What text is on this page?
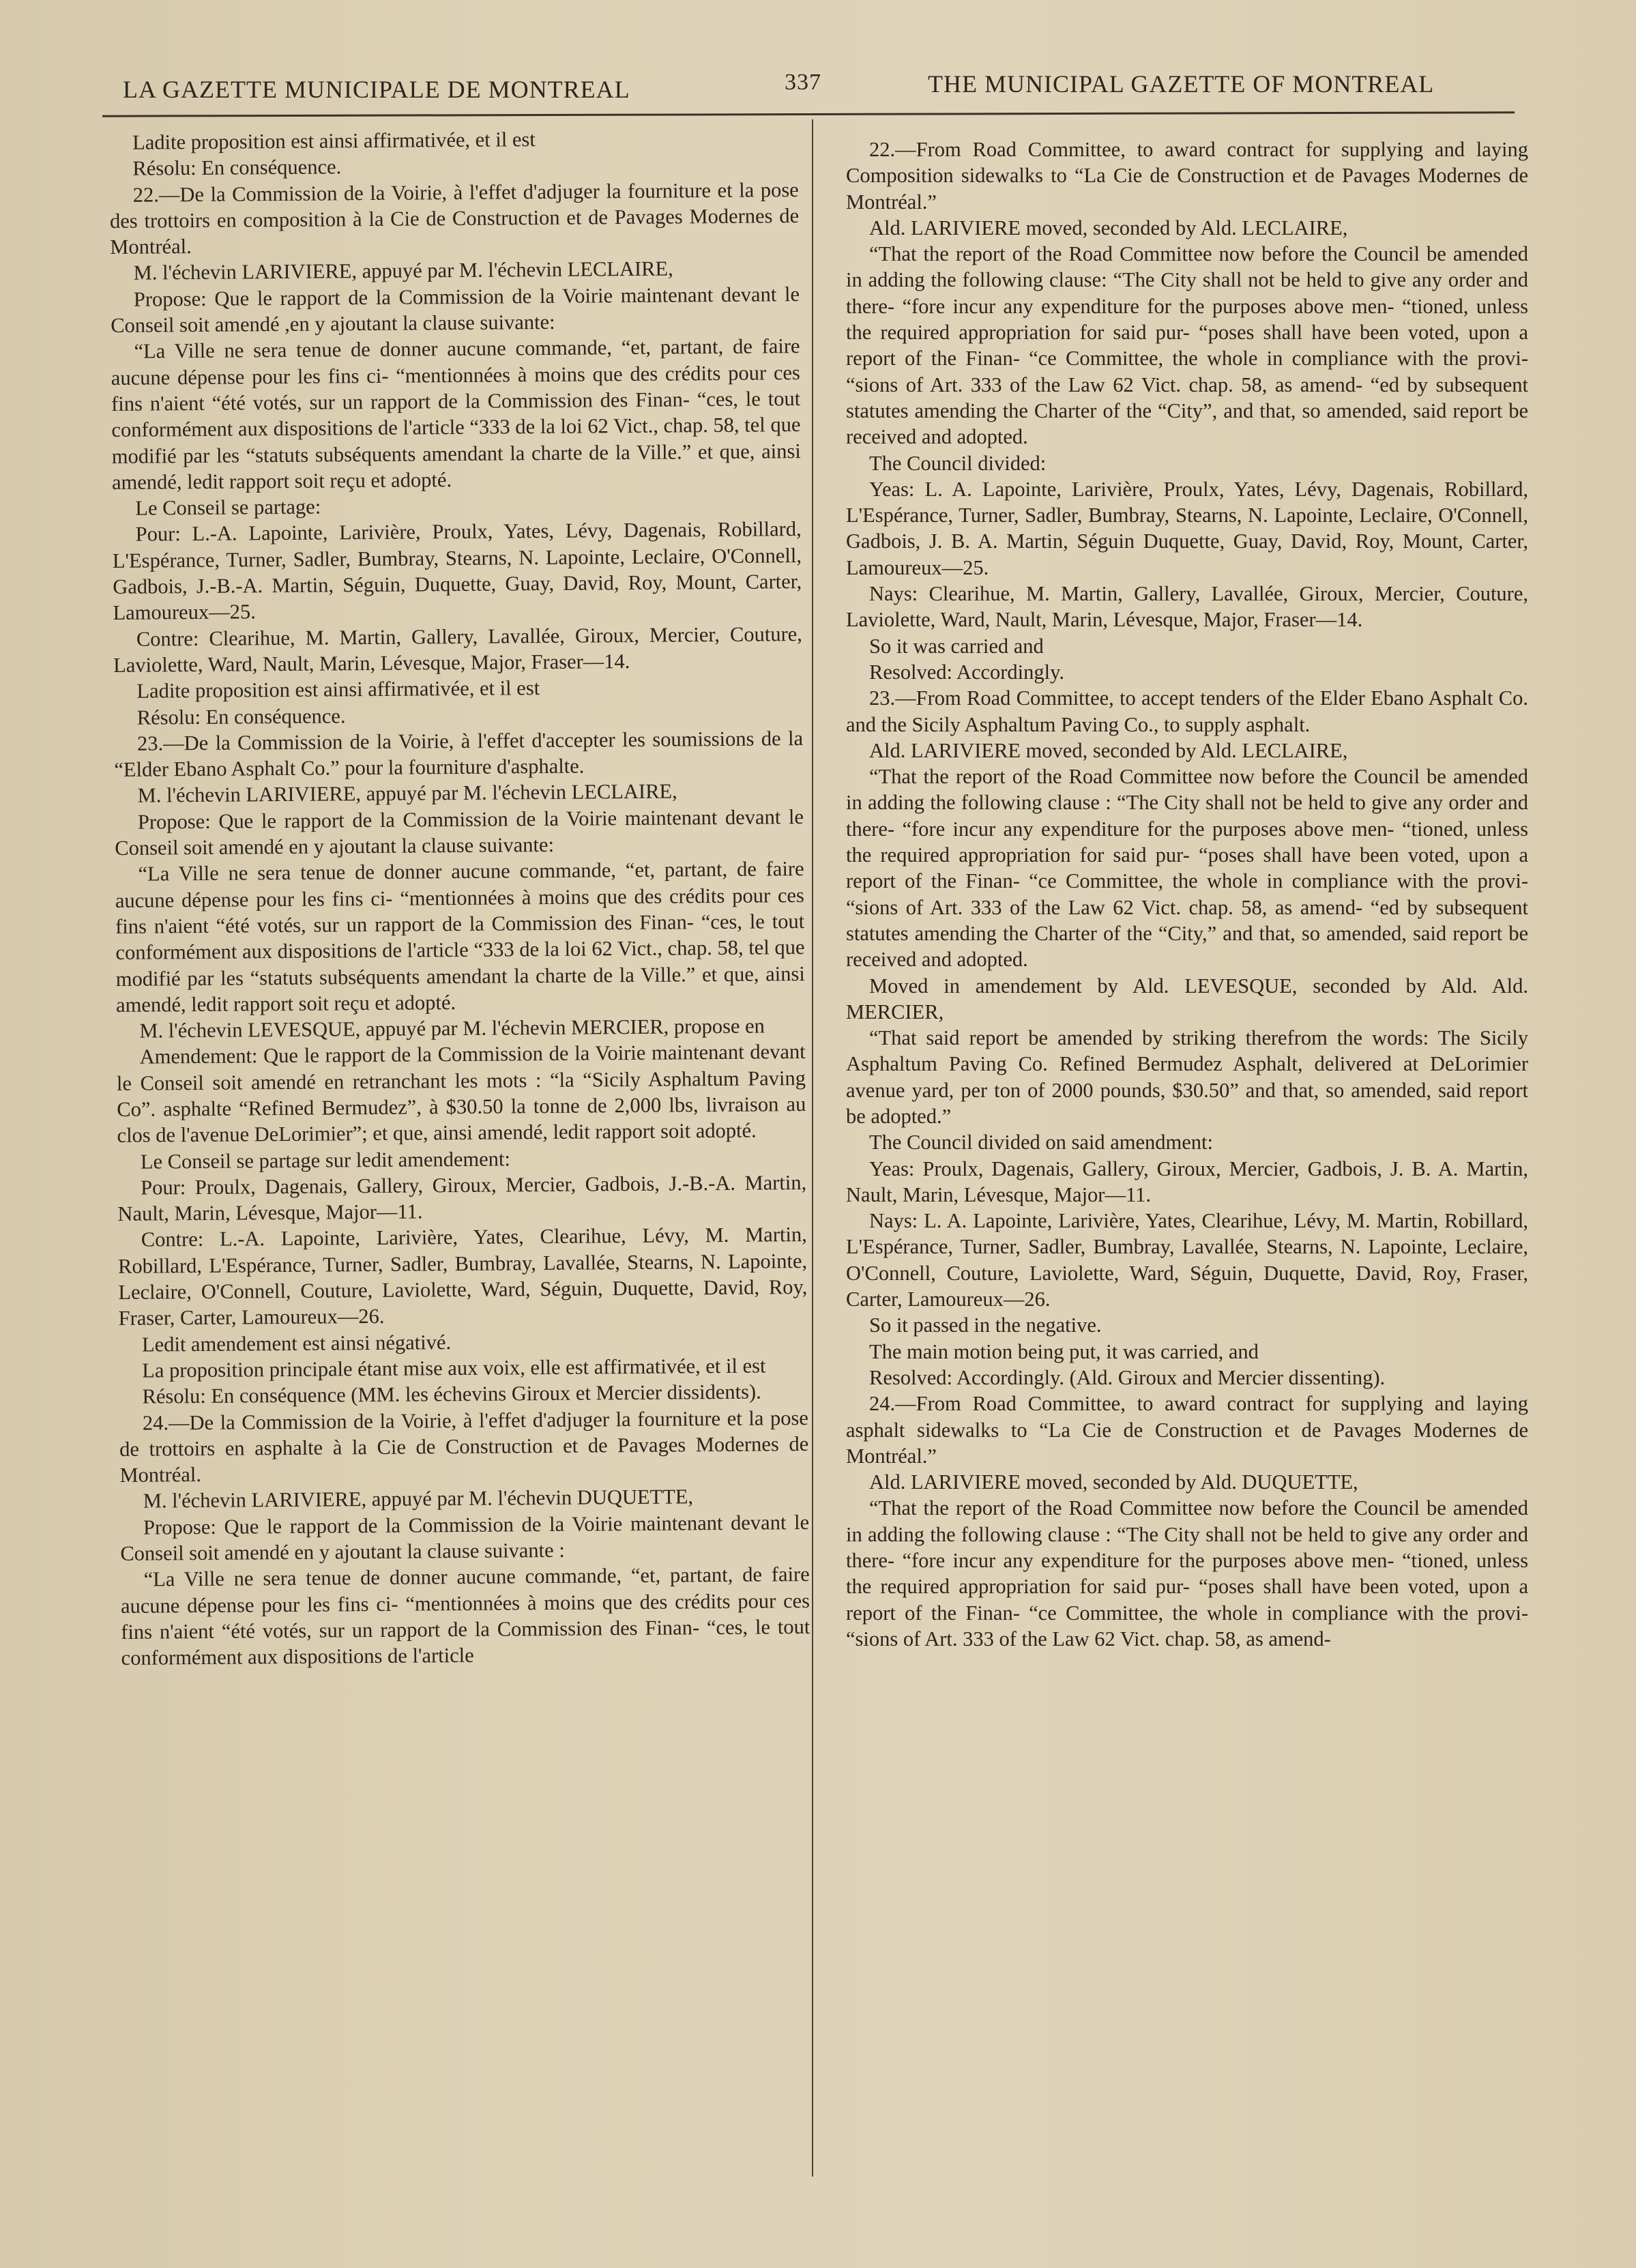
LA GAZETTE MUNICIPALE DE MONTREAL	337	THE MUNICIPAL GAZETTE OF MONTREAL

Ladite proposition est ainsi affirmativée, et il est

Résolu: En conséquence.

22.—De la Commission de la Voirie, à l'effet d'adjuger la fourniture et la pose des trottoirs en composition à la Cie de Construction et de Pavages Modernes de Montréal.

M. l'échevin LARIVIERE, appuyé par M. l'échevin LECLAIRE,

Propose: Que le rapport de la Commission de la Voirie maintenant devant le Conseil soit amendé ,en y ajoutant la clause suivante:

“La Ville ne sera tenue de donner aucune commande, “et, partant, de faire aucune dépense pour les fins ci- “mentionnées à moins que des crédits pour ces fins n'aient “été votés, sur un rapport de la Commission des Finan- “ces, le tout conformément aux dispositions de l'article “333 de la loi 62 Vict., chap. 58, tel que modifié par les “statuts subséquents amendant la charte de la Ville.” et que, ainsi amendé, ledit rapport soit reçu et adopté.

Le Conseil se partage:

Pour: L.-A. Lapointe, Larivière, Proulx, Yates, Lévy, Dagenais, Robillard, L'Espérance, Turner, Sadler, Bumbray, Stearns, N. Lapointe, Leclaire, O'Connell, Gadbois, J.-B.-A. Martin, Séguin, Duquette, Guay, David, Roy, Mount, Carter, Lamoureux—25.

Contre: Clearihue, M. Martin, Gallery, Lavallée, Giroux, Mercier, Couture, Laviolette, Ward, Nault, Marin, Lévesque, Major, Fraser—14.

Ladite proposition est ainsi affirmativée, et il est

Résolu: En conséquence.

23.—De la Commission de la Voirie, à l'effet d'accepter les soumissions de la “Elder Ebano Asphalt Co.” pour la fourniture d'asphalte.

M. l'échevin LARIVIERE, appuyé par M. l'échevin LECLAIRE,

Propose: Que le rapport de la Commission de la Voirie maintenant devant le Conseil soit amendé en y ajoutant la clause suivante:

“La Ville ne sera tenue de donner aucune commande, “et, partant, de faire aucune dépense pour les fins ci- “mentionnées à moins que des crédits pour ces fins n'aient “été votés, sur un rapport de la Commission des Finan- “ces, le tout conformément aux dispositions de l'article “333 de la loi 62 Vict., chap. 58, tel que modifié par les “statuts subséquents amendant la charte de la Ville.” et que, ainsi amendé, ledit rapport soit reçu et adopté.

M. l'échevin LEVESQUE, appuyé par M. l'échevin MERCIER, propose en

Amendement: Que le rapport de la Commission de la Voirie maintenant devant le Conseil soit amendé en retranchant les mots : “la “Sicily Asphaltum Paving Co”. asphalte “Refined Bermudez”, à $30.50 la tonne de 2,000 lbs, livraison au clos de l'avenue DeLorimier”; et que, ainsi amendé, ledit rapport soit adopté.

Le Conseil se partage sur ledit amendement:

Pour: Proulx, Dagenais, Gallery, Giroux, Mercier, Gadbois, J.-B.-A. Martin, Nault, Marin, Lévesque, Major—11.

Contre: L.-A. Lapointe, Larivière, Yates, Clearihue, Lévy, M. Martin, Robillard, L'Espérance, Turner, Sadler, Bumbray, Lavallée, Stearns, N. Lapointe, Leclaire, O'Connell, Couture, Laviolette, Ward, Séguin, Duquette, David, Roy, Fraser, Carter, Lamoureux—26.

Ledit amendement est ainsi négativé.

La proposition principale étant mise aux voix, elle est affirmativée, et il est

Résolu: En conséquence (MM. les échevins Giroux et Mercier dissidents).

24.—De la Commission de la Voirie, à l'effet d'adjuger la fourniture et la pose de trottoirs en asphalte à la Cie de Construction et de Pavages Modernes de Montréal.

M. l'échevin LARIVIERE, appuyé par M. l'échevin DUQUETTE,

Propose: Que le rapport de la Commission de la Voirie maintenant devant le Conseil soit amendé en y ajoutant la clause suivante :

“La Ville ne sera tenue de donner aucune commande, “et, partant, de faire aucune dépense pour les fins ci- “mentionnées à moins que des crédits pour ces fins n'aient “été votés, sur un rapport de la Commission des Finan- “ces, le tout conformément aux dispositions de l'article

22.—From Road Committee, to award contract for supplying and laying Composition sidewalks to “La Cie de Construction et de Pavages Modernes de Montréal.”

Ald. LARIVIERE moved, seconded by Ald. LECLAIRE,

“That the report of the Road Committee now before the Council be amended in adding the following clause: “The City shall not be held to give any order and there- “fore incur any expenditure for the purposes above men- “tioned, unless the required appropriation for said pur- “poses shall have been voted, upon a report of the Finan- “ce Committee, the whole in compliance with the provi- “sions of Art. 333 of the Law 62 Vict. chap. 58, as amend- “ed by subsequent statutes amending the Charter of the “City”, and that, so amended, said report be received and adopted.

The Council divided:

Yeas: L. A. Lapointe, Larivière, Proulx, Yates, Lévy, Dagenais, Robillard, L'Espérance, Turner, Sadler, Bumbray, Stearns, N. Lapointe, Leclaire, O'Connell, Gadbois, J. B. A. Martin, Séguin Duquette, Guay, David, Roy, Mount, Carter, Lamoureux—25.

Nays: Clearihue, M. Martin, Gallery, Lavallée, Giroux, Mercier, Couture, Laviolette, Ward, Nault, Marin, Lévesque, Major, Fraser—14.

So it was carried and

Resolved: Accordingly.

23.—From Road Committee, to accept tenders of the Elder Ebano Asphalt Co. and the Sicily Asphaltum Paving Co., to supply asphalt.

Ald. LARIVIERE moved, seconded by Ald. LECLAIRE,

“That the report of the Road Committee now before the Council be amended in adding the following clause : “The City shall not be held to give any order and there- “fore incur any expenditure for the purposes above men- “tioned, unless the required appropriation for said pur- “poses shall have been voted, upon a report of the Finan- “ce Committee, the whole in compliance with the provi- “sions of Art. 333 of the Law 62 Vict. chap. 58, as amend- “ed by subsequent statutes amending the Charter of the “City,” and that, so amended, said report be received and adopted.

Moved in amendement by Ald. LEVESQUE, seconded by Ald. Ald. MERCIER,

“That said report be amended by striking therefrom the words: The Sicily Asphaltum Paving Co. Refined Bermudez Asphalt, delivered at DeLorimier avenue yard, per ton of 2000 pounds, $30.50” and that, so amended, said report be adopted.”

The Council divided on said amendment:

Yeas: Proulx, Dagenais, Gallery, Giroux, Mercier, Gadbois, J. B. A. Martin, Nault, Marin, Lévesque, Major—11.

Nays: L. A. Lapointe, Larivière, Yates, Clearihue, Lévy, M. Martin, Robillard, L'Espérance, Turner, Sadler, Bumbray, Lavallée, Stearns, N. Lapointe, Leclaire, O'Connell, Couture, Laviolette, Ward, Séguin, Duquette, David, Roy, Fraser, Carter, Lamoureux—26.

So it passed in the negative.

The main motion being put, it was carried, and

Resolved: Accordingly. (Ald. Giroux and Mercier dissenting).

24.—From Road Committee, to award contract for supplying and laying asphalt sidewalks to “La Cie de Construction et de Pavages Modernes de Montréal.”

Ald. LARIVIERE moved, seconded by Ald. DUQUETTE,

“That the report of the Road Committee now before the Council be amended in adding the following clause : “The City shall not be held to give any order and there- “fore incur any expenditure for the purposes above men- “tioned, unless the required appropriation for said pur- “poses shall have been voted, upon a report of the Finan- “ce Committee, the whole in compliance with the provi- “sions of Art. 333 of the Law 62 Vict. chap. 58, as amend-
